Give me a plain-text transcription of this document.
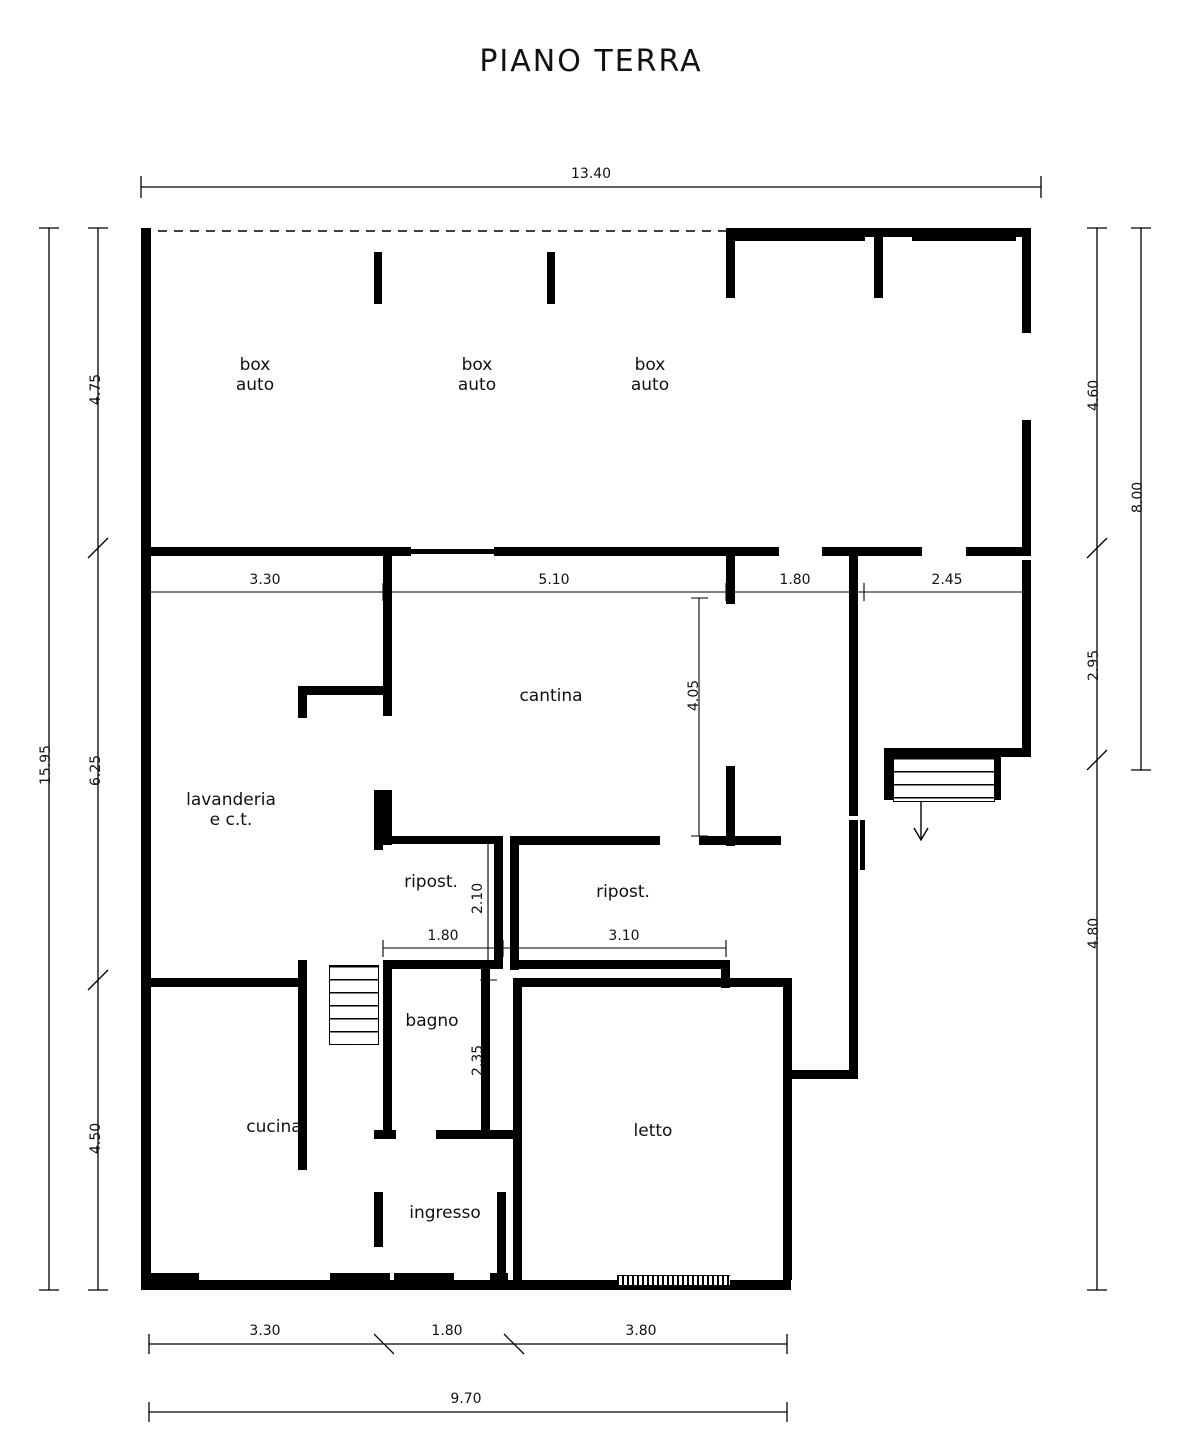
PIANO TERRA
box
auto
box
auto
box
auto
cantina
lavanderia
e c.t.
ripost.	ripost.
bagno
cucina	letto
ingresso
13.40
3.30	5.10	1.80	2.45
1.80	3.10
3.30	1.80	3.80
9.70
15.95
4.75
6.25
4.50
4.60
8.00
2.95
4.80
4.05
2.10
2.35
